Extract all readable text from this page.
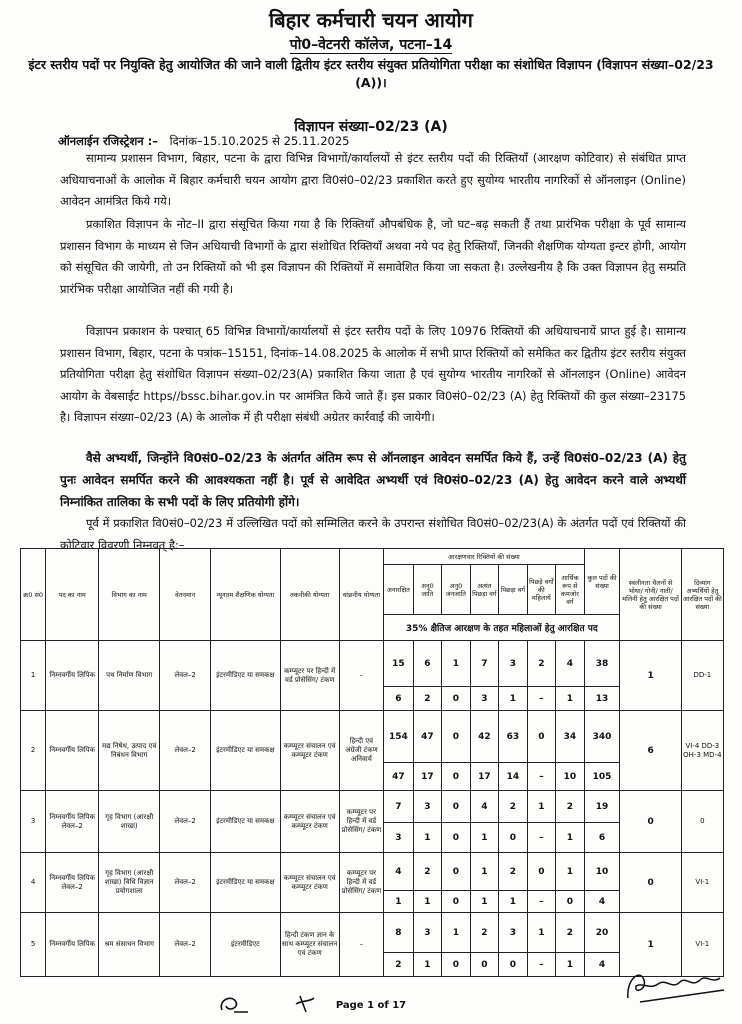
बिहार कर्मचारी चयन आयोग
पो0–वेटनरी कॉलेज, पटना–14
इंटर स्तरीय पदों पर नियुक्ति हेतु आयोजित की जाने वाली द्वितीय इंटर स्तरीय संयुक्त प्रतियोगिता परीक्षा का संशोधित विज्ञापन (विज्ञापन संख्या–02/23 (A))।
विज्ञापन संख्या–02/23 (A)
ऑनलाईन रजिस्ट्रेशन :– दिनांक–15.10.2025 से 25.11.2025
सामान्य प्रशासन विभाग, बिहार, पटना के द्वारा विभिन्न विभागों/कार्यालयों से इंटर स्तरीय पदों की रिक्तियाँ (आरक्षण कोटिवार) से संबंधित प्राप्त अधियाचनाओं के आलोक में बिहार कर्मचारी चयन आयोग द्वारा वि0सं0–02/23 प्रकाशित करते हुए सुयोग्य भारतीय नागरिकों से ऑनलाइन (Online) आवेदन आमंत्रित किये गये।
प्रकाशित विज्ञापन के नोट–II द्वारा संसूचित किया गया है कि रिक्तियाँ औपबंधिक है, जो घट–बढ़ सकती हैं तथा प्रारंभिक परीक्षा के पूर्व सामान्य प्रशासन विभाग के माध्यम से जिन अधियाची विभागों के द्वारा संशोधित रिक्तियाँ अथवा नये पद हेतु रिक्तियाँ, जिनकी शैक्षणिक योग्यता इन्टर होगी, आयोग को संसूचित की जायेगी, तो उन रिक्तियों को भी इस विज्ञापन की रिक्तियों में समावेशित किया जा सकता है। उल्लेखनीय है कि उक्त विज्ञापन हेतु सम्प्रति प्रारंभिक परीक्षा आयोजित नहीं की गयी है।
विज्ञापन प्रकाशन के पश्चात् 65 विभिन्न विभागों/कार्यालयों से इंटर स्तरीय पदों के लिए 10976 रिक्तियों की अधियाचनायें प्राप्त हुई है। सामान्य प्रशासन विभाग, बिहार, पटना के पत्रांक–15151, दिनांक–14.08.2025 के आलोक में सभी प्राप्त रिक्तियों को समेकित कर द्वितीय इंटर स्तरीय संयुक्त प्रतियोगिता परीक्षा हेतु संशोधित विज्ञापन संख्या–02/23(A) प्रकाशित किया जाता है एवं सुयोग्य भारतीय नागरिकों से ऑनलाइन (Online) आवेदन आयोग के वेबसाईट https//bssc.bihar.gov.in पर आमंत्रित किये जाते हैं। इस प्रकार वि0सं0–02/23 (A) हेतु रिक्तियों की कुल संख्या–23175 है। विज्ञापन संख्या–02/23 (A) के आलोक में ही परीक्षा संबंधी अग्रेतर कार्रवाई की जायेगी।
वैसे अभ्यर्थी, जिन्होंने वि0सं0–02/23 के अंतर्गत अंतिम रूप से ऑनलाइन आवेदन समर्पित किये हैं, उन्हें वि0सं0–02/23 (A) हेतु पुनः आवेदन समर्पित करने की आवश्यकता नहीं है। पूर्व से आवेदित अभ्यर्थी एवं वि0सं0–02/23 (A) हेतु आवेदन करने वाले अभ्यर्थी निम्नांकित तालिका के सभी पदों के लिए प्रतियोगी होंगे।
पूर्व में प्रकाशित वि0सं0–02/23 में उल्लिखित पदों को सम्मिलित करने के उपरान्त संशोधित वि0सं0–02/23(A) के अंतर्गत पदों एवं रिक्तियों की कोटिवार विवरणी निम्नवत् है:–
क्र0 सं0	पद का नाम	विभाग का नाम	वेतनमान	न्यूनतम शैक्षणिक योग्यता	तकनीकी योग्यता	वांछनीय योग्यता	आरक्षणवार रिक्तियों की संख्या							कुल पदों की संख्या	स्वलीनता चैलनों से भोथा/ गोनी/ नाती/ मलिनी हेतु आरक्षित पदों की संख्या	दिव्यांग अभ्यर्थियों हेतु आरक्षित पदों की संख्या
							अनारक्षित	अनु0 जाति	अनु0 जनजाति	अत्यंत पिछड़ा वर्ग	पिछड़ा वर्ग	पिछड़े वर्गों की महिलायें	आर्थिक रूप से कमजोर वर्ग			
							35% क्षैतिज आरक्षण के तहत महिलाओं हेतु आरक्षित पद									
1	निम्नवर्गीय लिपिक	पथ निर्माण विभाग	लेवल–2	इंटरमीडिएट या समकक्ष	कम्प्यूटर पर हिन्दी में वर्ड प्रोसेसिंग/ टंकण	–	15	6	1	7	3	2	4	38	1	DD-1
							6	2	0	3	1	–	1	13		
2	निम्नवर्गीय लिपिक	मद्य निषेध, उत्पाद एवं निबंधन विभाग	लेवल–2	इंटरमीडिएट या समकक्ष	कम्प्यूटर संचालन एवं कम्प्यूटर टंकण	हिन्दी एवं अंग्रेजी टंकण अनिवार्य	154	47	0	42	63	0	34	340	6	VI-4 DD-3 OH-3 MD-4
							47	17	0	17	14	–	10	105		
3	निम्नवर्गीय लिपिक लेवल–2	गृह विभाग (आरक्षी शाखा)	लेवल–2	इंटरमीडिएट या समकक्ष	कम्प्यूटर संचालन एवं कम्प्यूटर टंकण	कम्प्यूटर पर हिन्दी में वर्ड प्रोसेसिंग/ टंकण	7	3	0	4	2	1	2	19	0	0
							3	1	0	1	0	–	1	6		
4	निम्नवर्गीय लिपिक लेवल–2	गृह विभाग (आरक्षी शाखा) विधि विज्ञान प्रयोगशाला	लेवल–2	इंटरमीडिएट या समकक्ष	कम्प्यूटर संचालन एवं कम्प्यूटर टंकण	कम्प्यूटर पर हिन्दी में वर्ड प्रोसेसिंग/ टंकण	4	2	0	1	2	0	1	10	0	VI-1
							1	1	0	1	1	–	0	4		
5	निम्नवर्गीय लिपिक	श्रम संसाधन विभाग	लेवल–2	इंटरमीडिएट	हिन्दी टंकण ज्ञान के साथ कम्प्यूटर संचालन एवं टंकण	–	8	3	1	2	3	1	2	20	1	VI-1
							2	1	0	0	0	–	1	4		
Page 1 of 17
